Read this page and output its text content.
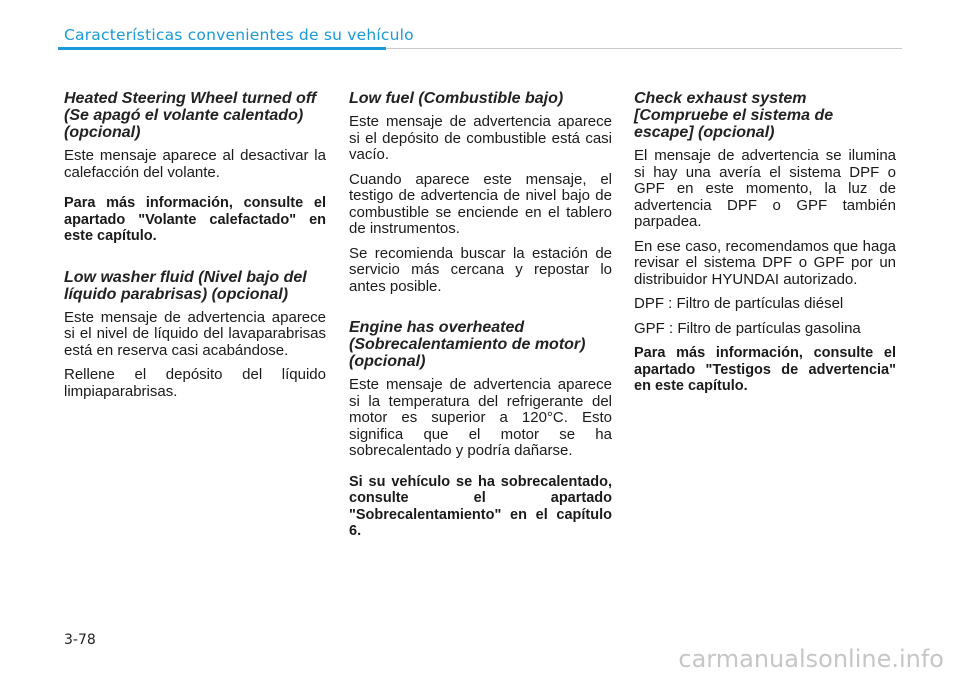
Características convenientes de su vehículo
Heated Steering Wheel turned off (Se apagó el volante calentado) (opcional)

Este mensaje aparece al desactivar la calefacción del volante.

Para más información, consulte el apartado "Volante calefactado" en este capítulo.

Low washer fluid (Nivel bajo del líquido parabrisas) (opcional)

Este mensaje de advertencia aparece si el nivel de líquido del lavaparabrisas está en reserva casi acabándose.

Rellene el depósito del líquido limpiaparabrisas.

Low fuel (Combustible bajo)

Este mensaje de advertencia aparece si el depósito de combustible está casi vacío.

Cuando aparece este mensaje, el testigo de advertencia de nivel bajo de combustible se enciende en el tablero de instrumentos.

Se recomienda buscar la estación de servicio más cercana y repostar lo antes posible.

Engine has overheated (Sobrecalentamiento de motor) (opcional)

Este mensaje de advertencia aparece si la temperatura del refrigerante del motor es superior a 120°C. Esto significa que el motor se ha sobrecalentado y podría dañarse.

Si su vehículo se ha sobrecalentado, consulte el apartado "Sobrecalentamiento" en el capítulo 6.

Check exhaust system [Compruebe el sistema de escape] (opcional)

El mensaje de advertencia se ilumina si hay una avería el sistema DPF o GPF en este momento, la luz de advertencia DPF o GPF también parpadea.

En ese caso, recomendamos que haga revisar el sistema DPF o GPF por un distribuidor HYUNDAI autorizado.

DPF : Filtro de partículas diésel

GPF : Filtro de partículas gasolina

Para más información, consulte el apartado "Testigos de advertencia" en este capítulo.

3-78
carmanualsonline.info
